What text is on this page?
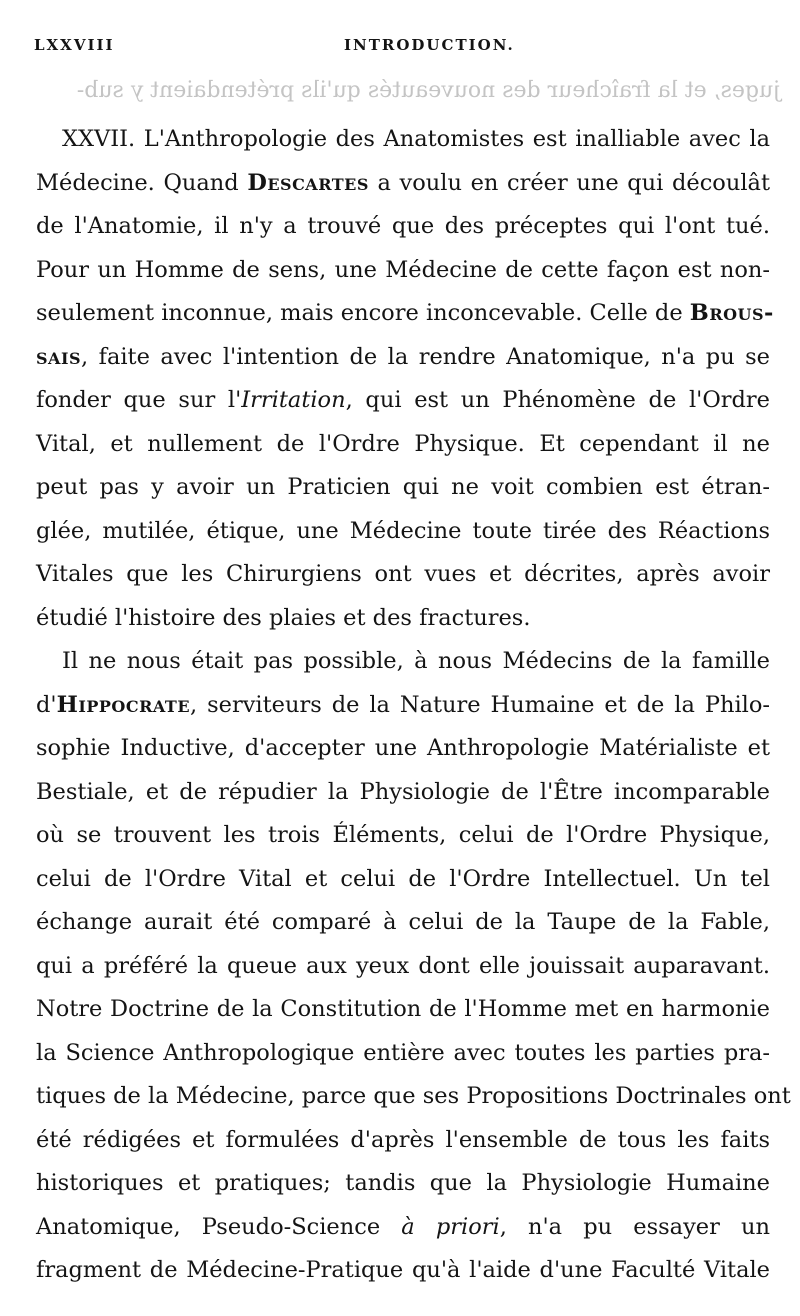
LXXVIII	INTRODUCTION.
juges, et la fraîcheur des nouveautés qu'ils prétendaient y sub-
XXVII. L'Anthropologie des Anatomistes est inalliable avec la
Médecine. Quand Descartes a voulu en créer une qui découlât
de l'Anatomie, il n'y a trouvé que des préceptes qui l'ont tué.
Pour un Homme de sens, une Médecine de cette façon est non-
seulement inconnue, mais encore inconcevable. Celle de Brous-
sais, faite avec l'intention de la rendre Anatomique, n'a pu se
fonder que sur l'Irritation, qui est un Phénomène de l'Ordre
Vital, et nullement de l'Ordre Physique. Et cependant il ne
peut pas y avoir un Praticien qui ne voit combien est étran-
glée, mutilée, étique, une Médecine toute tirée des Réactions
Vitales que les Chirurgiens ont vues et décrites, après avoir
étudié l'histoire des plaies et des fractures.
Il ne nous était pas possible, à nous Médecins de la famille
d'Hippocrate, serviteurs de la Nature Humaine et de la Philo-
sophie Inductive, d'accepter une Anthropologie Matérialiste et
Bestiale, et de répudier la Physiologie de l'Être incomparable
où se trouvent les trois Éléments, celui de l'Ordre Physique,
celui de l'Ordre Vital et celui de l'Ordre Intellectuel. Un tel
échange aurait été comparé à celui de la Taupe de la Fable,
qui a préféré la queue aux yeux dont elle jouissait auparavant.
Notre Doctrine de la Constitution de l'Homme met en harmonie
la Science Anthropologique entière avec toutes les parties pra-
tiques de la Médecine, parce que ses Propositions Doctrinales ont
été rédigées et formulées d'après l'ensemble de tous les faits
historiques et pratiques; tandis que la Physiologie Humaine
Anatomique, Pseudo-Science à priori, n'a pu essayer un
fragment de Médecine-Pratique qu'à l'aide d'une Faculté Vitale
